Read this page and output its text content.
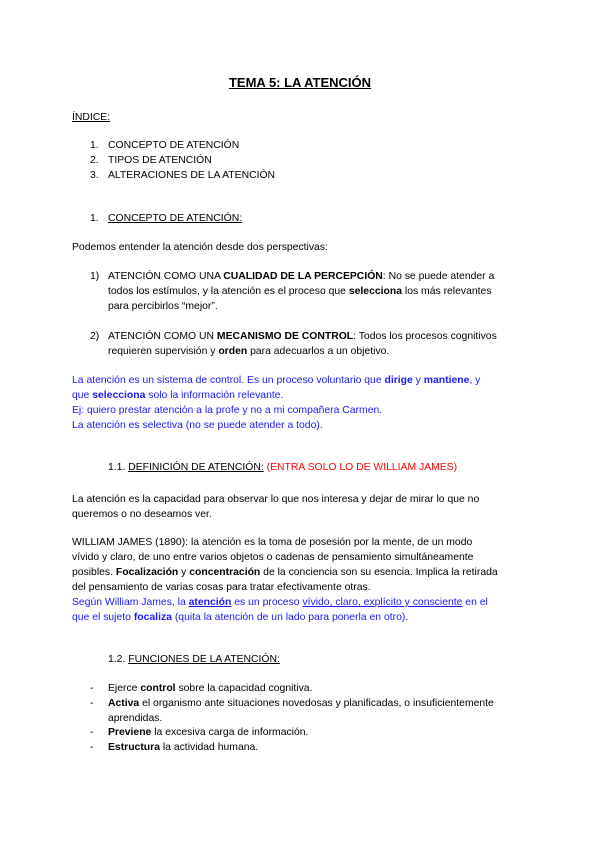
TEMA 5: LA ATENCIÓN
ÍNDICE:
1. CONCEPTO DE ATENCIÓN
2. TIPOS DE ATENCIÓN
3. ALTERACIONES DE LA ATENCIÓN
1. CONCEPTO DE ATENCIÓN:
Podemos entender la atención desde dos perspectivas:
1) ATENCIÓN COMO UNA CUALIDAD DE LA PERCEPCIÓN: No se puede atender a
todos los estímulos, y la atención es el proceso que selecciona los más relevantes
para percibirlos “mejor”.
2) ATENCIÓN COMO UN MECANISMO DE CONTROL: Todos los procesos cognitivos
requieren supervisión y orden para adecuarlos a un objetivo.
La atención es un sistema de control. Es un proceso voluntario que dirige y mantiene, y
que selecciona solo la información relevante.
Ej: quiero prestar atención a la profe y no a mi compañera Carmen.
La atención es selectiva (no se puede atender a todo).
1.1. DEFINICIÓN DE ATENCIÓN: (ENTRA SOLO LO DE WILLIAM JAMES)
La atención es la capacidad para observar lo que nos interesa y dejar de mirar lo que no
queremos o no deseamos ver.
WILLIAM JAMES (1890): la atención es la toma de posesión por la mente, de un modo
vívido y claro, de uno entre varios objetos o cadenas de pensamiento simultáneamente
posibles. Focalización y concentración de la conciencia son su esencia. Implica la retirada
del pensamiento de varias cosas para tratar efectivamente otras.
Según William James, la atención es un proceso vívido, claro, explícito y consciente en el
que el sujeto focaliza (quita la atención de un lado para ponerla en otro).
1.2. FUNCIONES DE LA ATENCIÓN:
- Ejerce control sobre la capacidad cognitiva.
- Activa el organismo ante situaciones novedosas y planificadas, o insuficientemente
aprendidas.
- Previene la excesiva carga de información.
- Estructura la actividad humana.
